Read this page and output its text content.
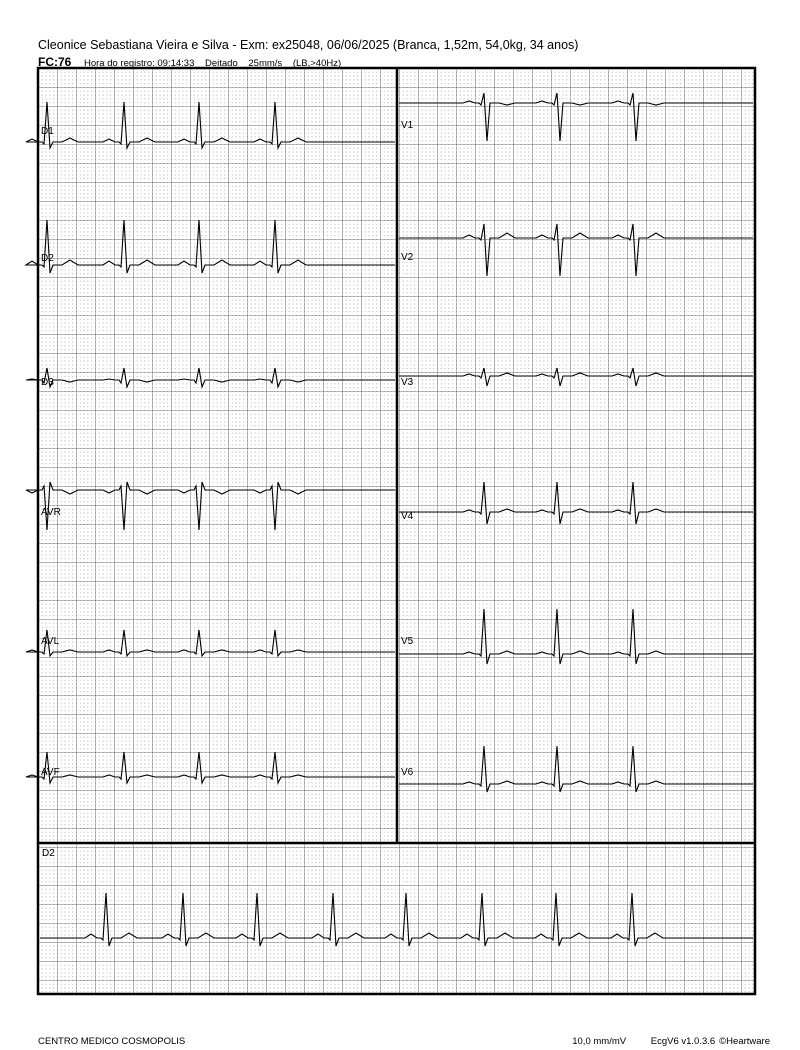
D1
D2
D3
AVR
AVL
AVF
V1
V2
V3
V4
V5
V6
D2
Cleonice Sebastiana Vieira e Silva - Exm: ex25048, 06/06/2025 (Branca, 1,52m, 54,0kg, 34 anos)
FC:76 Hora do registro: 09:14:33 Deitado 25mm/s (LB,>40Hz)
CENTRO MEDICO COSMOPOLIS	10,0 mm/mV	EcgV6 v1.0.3.6 ©Heartware
